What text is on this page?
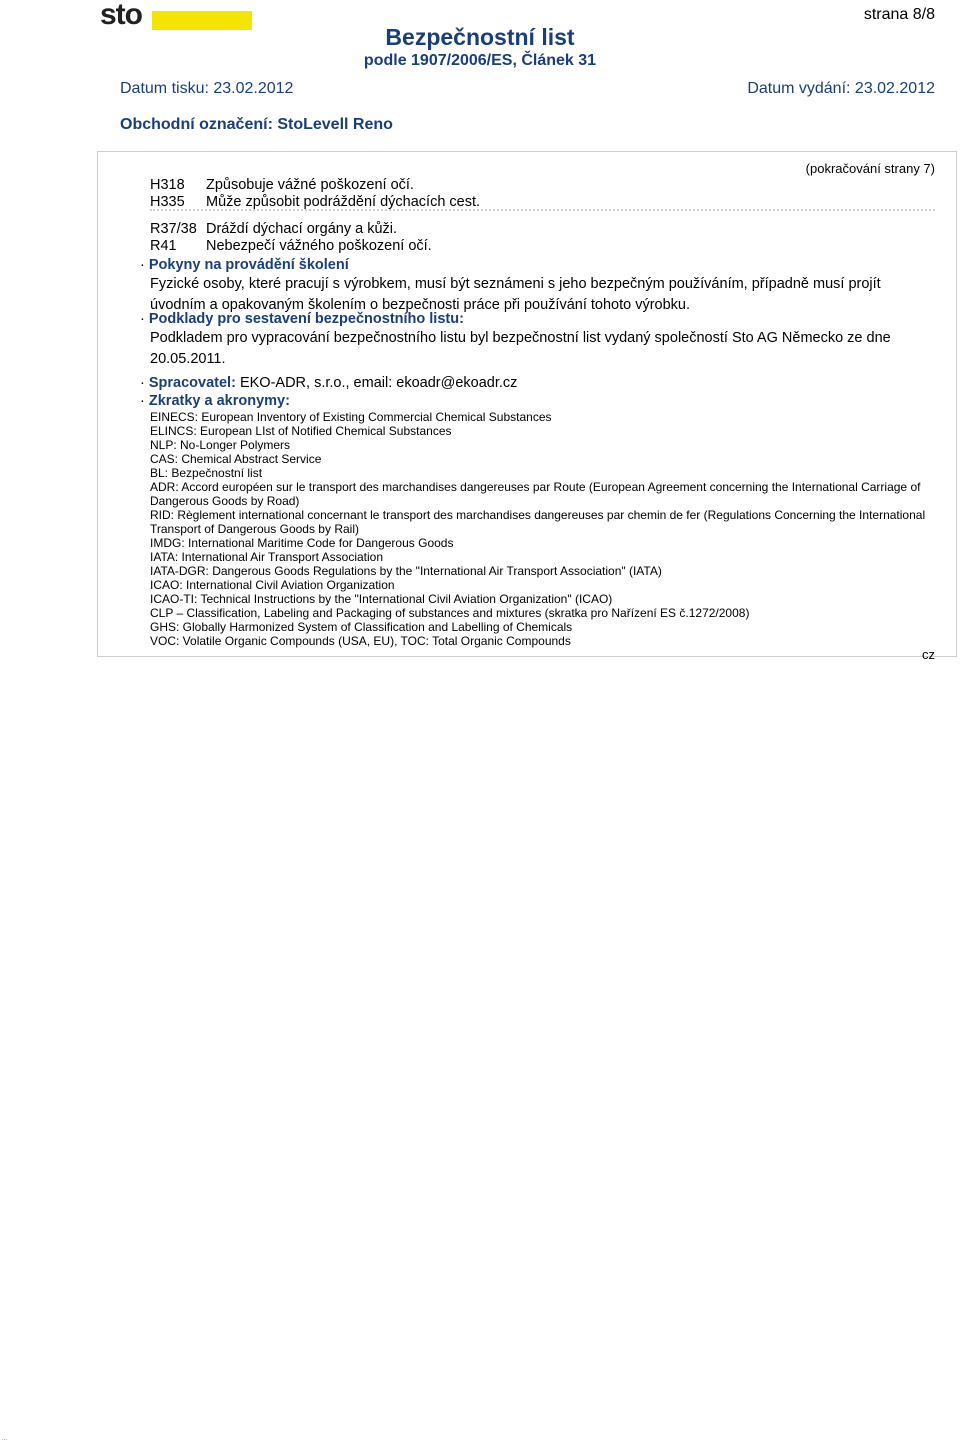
sto	strana 8/8
Bezpečnostní list
podle 1907/2006/ES, Článek 31
Datum tisku: 23.02.2012	Datum vydání: 23.02.2012
Obchodní označení: StoLevell Reno
(pokračování strany 7)
H318 Způsobuje vážné poškození očí.
H335 Může způsobit podráždění dýchacích cest.
R37/38 Dráždí dýchací orgány a kůži.
R41 Nebezpečí vážného poškození očí.
· Pokyny na provádění školení
Fyzické osoby, které pracují s výrobkem, musí být seznámeni s jeho bezpečným používáním, případně musí projít úvodním a opakovaným školením o bezpečnosti práce při používání tohoto výrobku.
· Podklady pro sestavení bezpečnostního listu:
Podkladem pro vypracování bezpečnostního listu byl bezpečnostní list vydaný společností Sto AG Německo ze dne 20.05.2011.
· Spracovatel: EKO-ADR, s.r.o., email: ekoadr@ekoadr.cz
· Zkratky a akronymy:
EINECS: European Inventory of Existing Commercial Chemical Substances
ELINCS: European LIst of Notified Chemical Substances
NLP: No-Longer Polymers
CAS: Chemical Abstract Service
BL: Bezpečnostní list
ADR: Accord européen sur le transport des marchandises dangereuses par Route (European Agreement concerning the International Carriage of Dangerous Goods by Road)
RID: Règlement international concernant le transport des marchandises dangereuses par chemin de fer (Regulations Concerning the International Transport of Dangerous Goods by Rail)
IMDG: International Maritime Code for Dangerous Goods
IATA: International Air Transport Association
IATA-DGR: Dangerous Goods Regulations by the "International Air Transport Association" (IATA)
ICAO: International Civil Aviation Organization
ICAO-TI: Technical Instructions by the "International Civil Aviation Organization" (ICAO)
CLP – Classification, Labeling and Packaging of substances and mixtures (skratka pro Nařízení ES č.1272/2008)
GHS: Globally Harmonized System of Classification and Labelling of Chemicals
VOC: Volatile Organic Compounds (USA, EU), TOC: Total Organic Compounds
cz
...
